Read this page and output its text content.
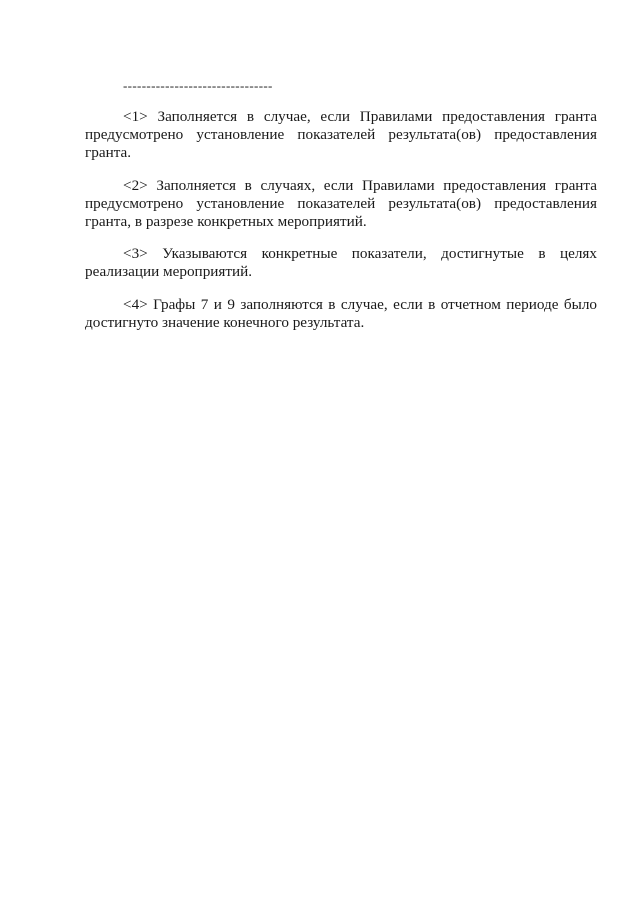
--------------------------------

<1> Заполняется в случае, если Правилами предоставления гранта предусмотрено установление показателей результата(ов) предоставления гранта.

<2> Заполняется в случаях, если Правилами предоставления гранта предусмотрено установление показателей результата(ов) предоставления гранта, в разрезе конкретных мероприятий.

<3> Указываются конкретные показатели, достигнутые в целях реализации мероприятий.

<4> Графы 7 и 9 заполняются в случае, если в отчетном периоде было достигнуто значение конечного результата.
